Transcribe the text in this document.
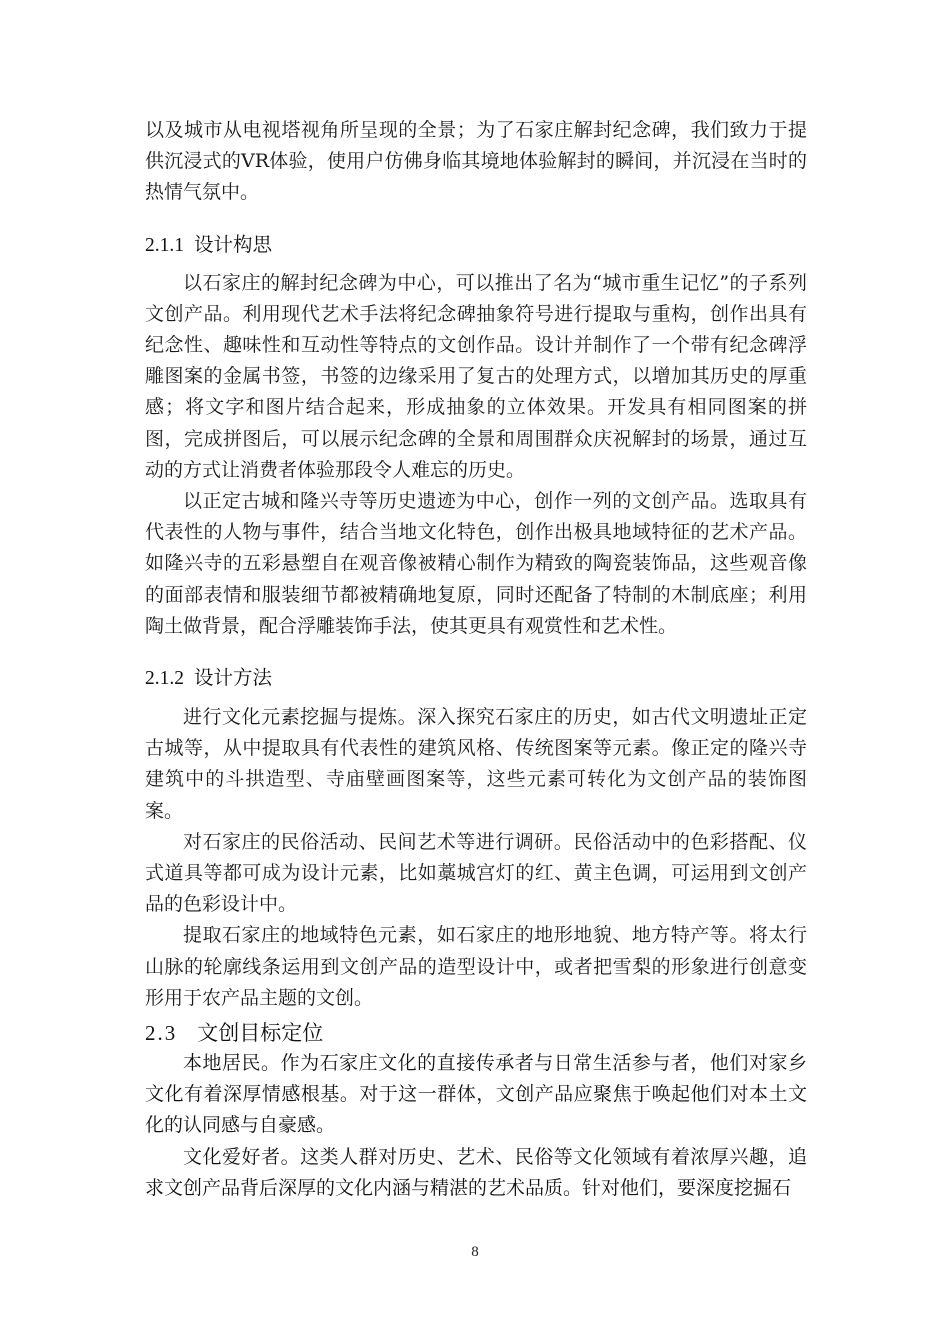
以及城市从电视塔视角所呈现的全景；为了石家庄解封纪念碑，我们致力于提供沉浸式的VR体验，使用户仿佛身临其境地体验解封的瞬间，并沉浸在当时的热情气氛中。

2.1.1 设计构思

以石家庄的解封纪念碑为中心，可以推出了名为“城市重生记忆”的子系列文创产品。利用现代艺术手法将纪念碑抽象符号进行提取与重构，创作出具有纪念性、趣味性和互动性等特点的文创作品。设计并制作了一个带有纪念碑浮雕图案的金属书签，书签的边缘采用了复古的处理方式，以增加其历史的厚重感；将文字和图片结合起来，形成抽象的立体效果。开发具有相同图案的拼图，完成拼图后，可以展示纪念碑的全景和周围群众庆祝解封的场景，通过互动的方式让消费者体验那段令人难忘的历史。

以正定古城和隆兴寺等历史遗迹为中心，创作一列的文创产品。选取具有代表性的人物与事件，结合当地文化特色，创作出极具地域特征的艺术产品。如隆兴寺的五彩悬塑自在观音像被精心制作为精致的陶瓷装饰品，这些观音像的面部表情和服装细节都被精确地复原，同时还配备了特制的木制底座；利用陶土做背景，配合浮雕装饰手法，使其更具有观赏性和艺术性。

2.1.2 设计方法

进行文化元素挖掘与提炼。深入探究石家庄的历史，如古代文明遗址正定古城等，从中提取具有代表性的建筑风格、传统图案等元素。像正定的隆兴寺建筑中的斗拱造型、寺庙壁画图案等，这些元素可转化为文创产品的装饰图案。

对石家庄的民俗活动、民间艺术等进行调研。民俗活动中的色彩搭配、仪式道具等都可成为设计元素，比如藁城宫灯的红、黄主色调，可运用到文创产品的色彩设计中。

提取石家庄的地域特色元素，如石家庄的地形地貌、地方特产等。将太行山脉的轮廓线条运用到文创产品的造型设计中，或者把雪梨的形象进行创意变形用于农产品主题的文创。

2.3 文创目标定位

本地居民。作为石家庄文化的直接传承者与日常生活参与者，他们对家乡文化有着深厚情感根基。对于这一群体，文创产品应聚焦于唤起他们对本土文化的认同感与自豪感。

文化爱好者。这类人群对历史、艺术、民俗等文化领域有着浓厚兴趣，追求文创产品背后深厚的文化内涵与精湛的艺术品质。针对他们，要深度挖掘石

8
